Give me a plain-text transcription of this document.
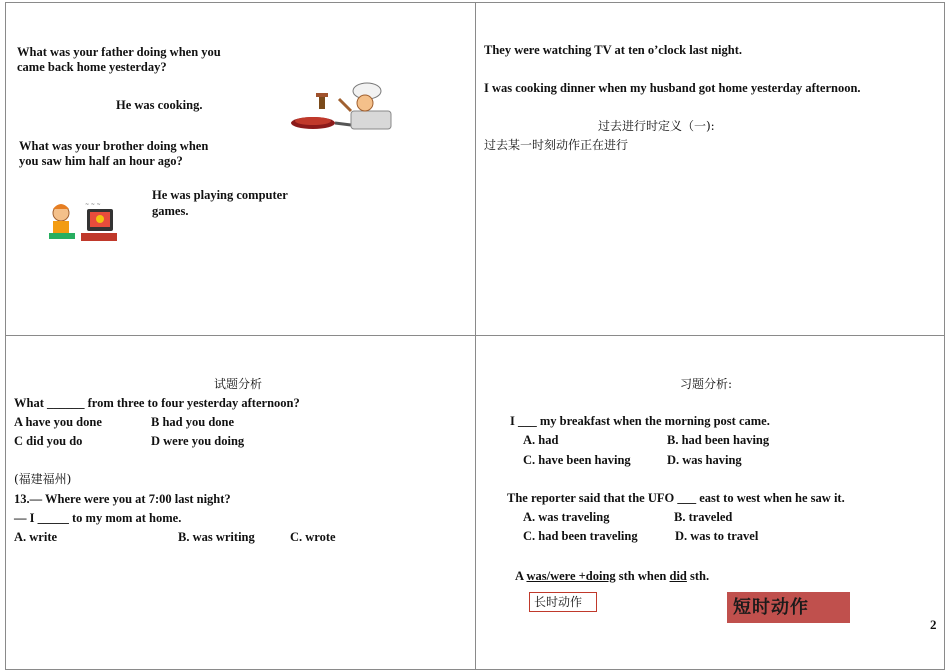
What was your father doing when you
came back home yesterday?
He was cooking.
What was your brother doing when
you saw him half an hour ago?
He was playing computer
games.
~ ~ ~
They were watching TV at ten o’clock last night.
I was cooking dinner when my husband got home yesterday afternoon.
过去进行时定义（一):
过去某一时刻动作正在进行
试题分析
What ______ from three to four yesterday afternoon?
A have you done	B had you done
C did you do	D were you doing
(福建福州)
13.— Where were you at 7:00 last night?
— I _____ to my mom at home.
A. write	B. was writing	C. wrote
习题分析:
I ___ my breakfast when the morning post came.
A. had	B. had been having
C. have been having	D. was having
The reporter said that the UFO ___ east to west when he saw it.
A. was traveling	B. traveled
C. had been traveling	D. was to travel
A was/were +doing sth when did sth.
长时动作	短时动作
2
